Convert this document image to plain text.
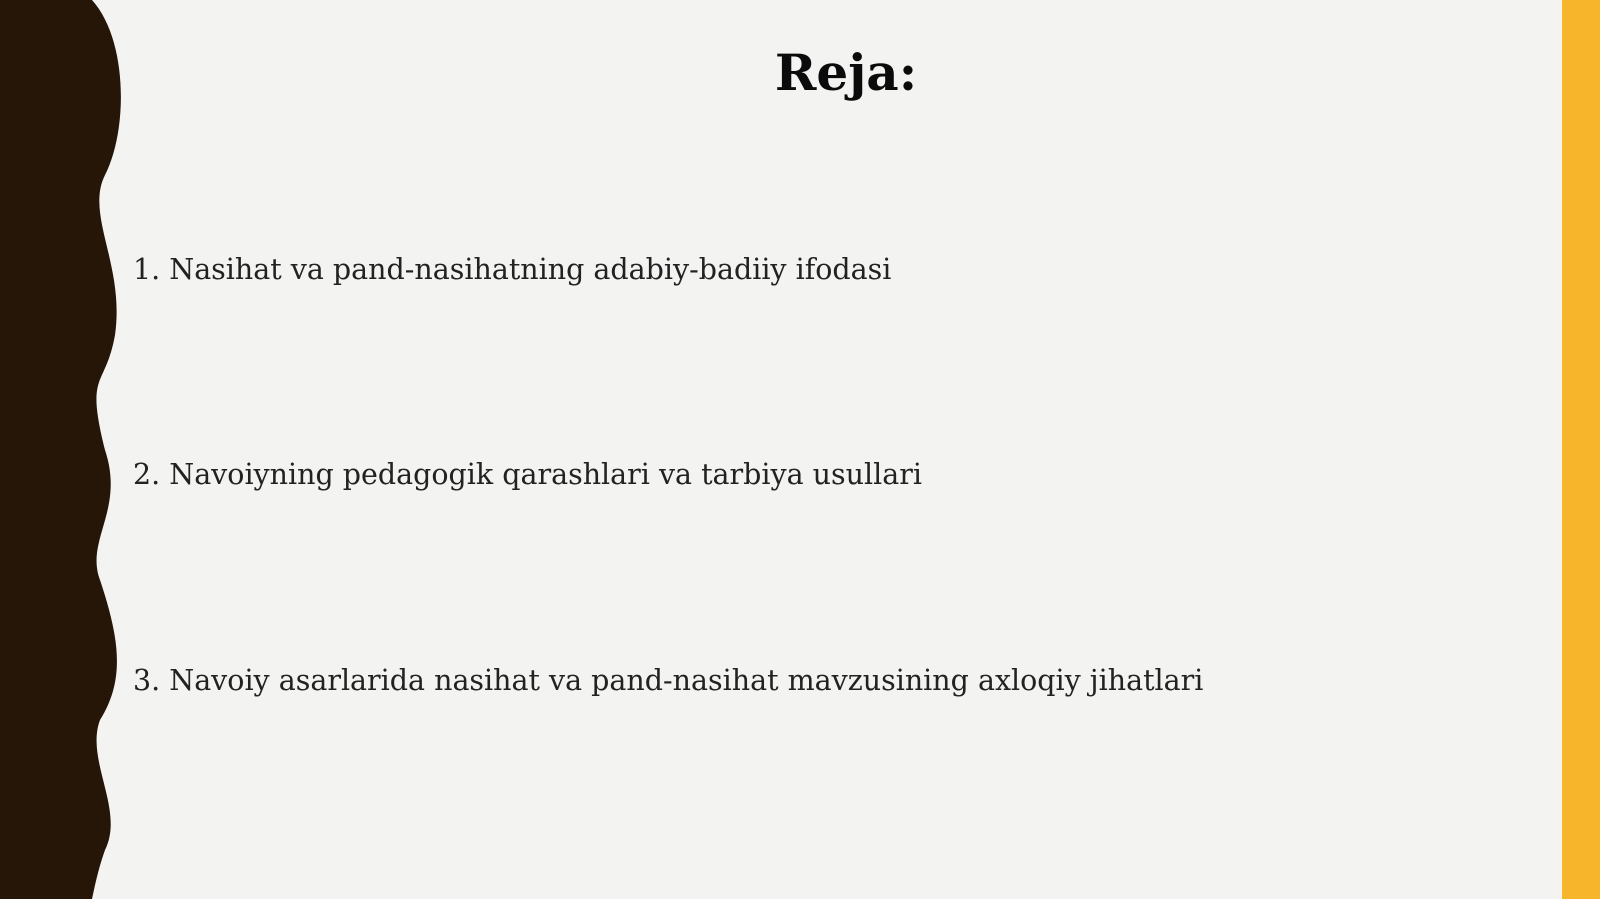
Reja:
1. Nasihat va pand-nasihatning adabiy-badiiy ifodasi
2. Navoiyning pedagogik qarashlari va tarbiya usullari
3. Navoiy asarlarida nasihat va pand-nasihat mavzusining axloqiy jihatlari
